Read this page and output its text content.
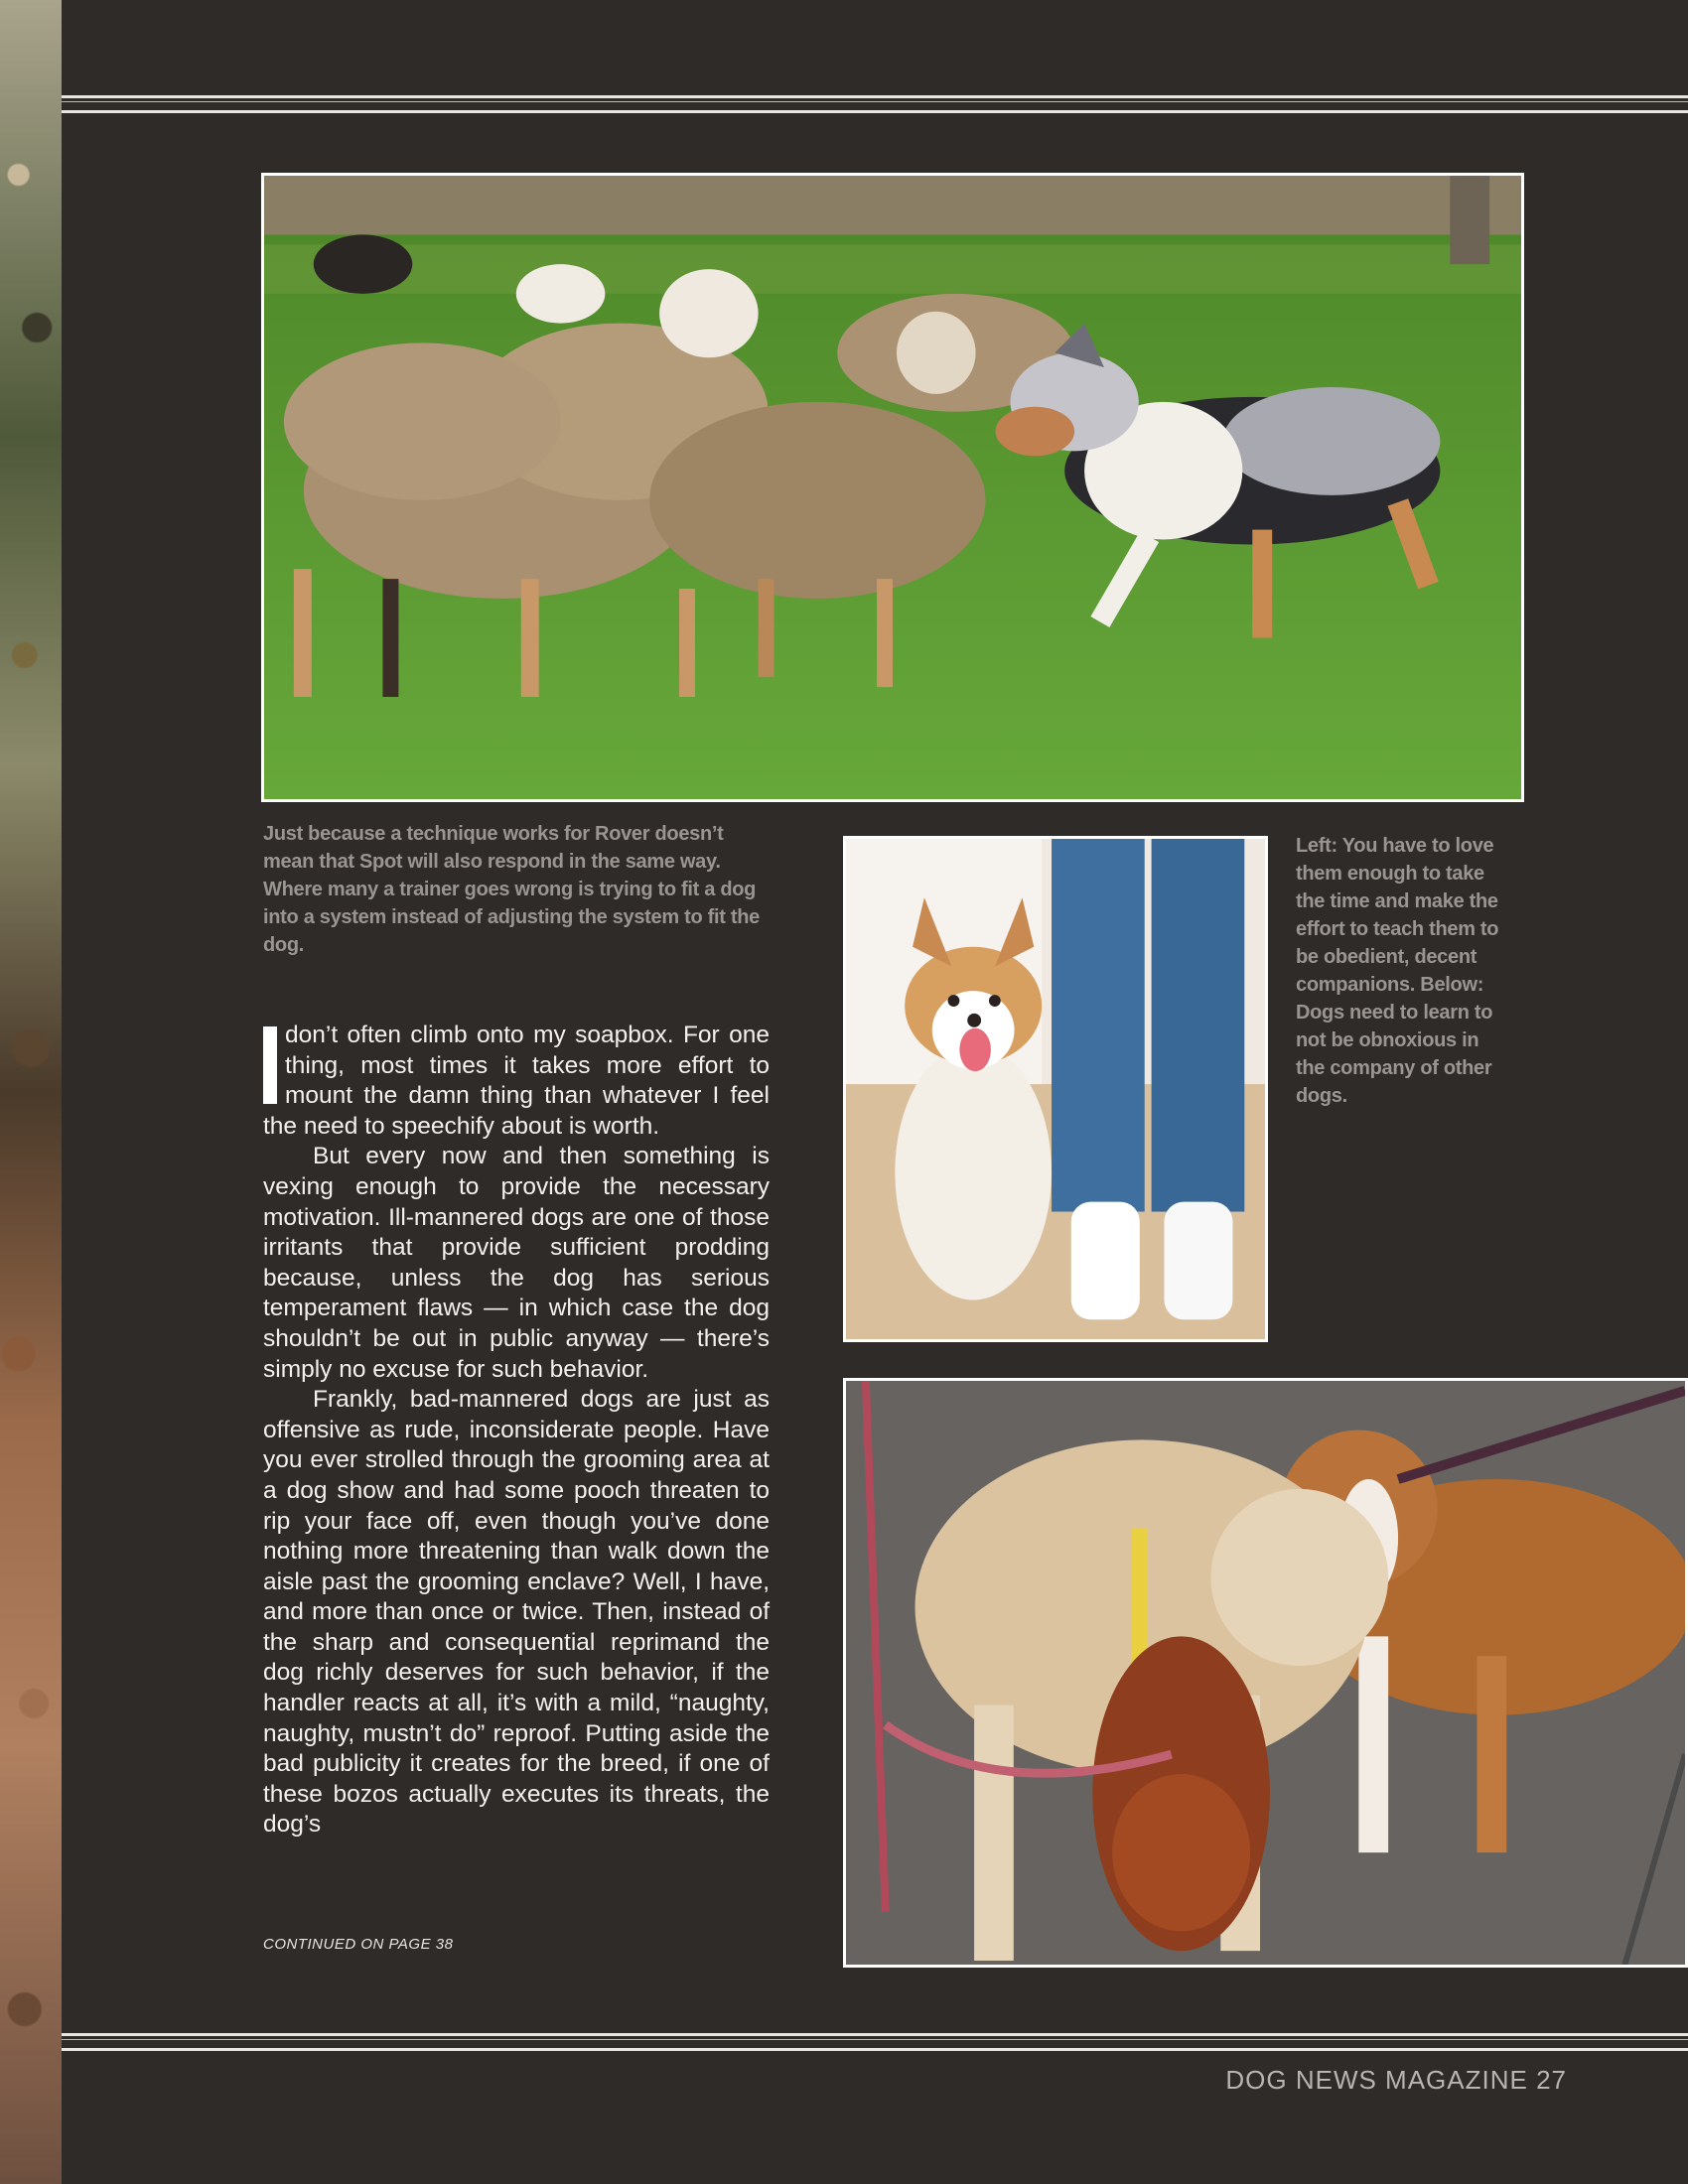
Just because a technique works for Rover doesn’t mean that Spot will also respond in the same way. Where many a trainer goes wrong is trying to fit a dog into a system instead of adjusting the system to fit the dog.

Left: You have to love them enough to take the time and make the effort to teach them to be obedient, decent companions. Below: Dogs need to learn to not be obnoxious in the company of other dogs.

don’t often climb onto my soapbox. For one thing, most times it takes more effort to mount the damn thing than whatever I feel the need to speechify about is worth.

But every now and then something is vexing enough to provide the necessary motivation. Ill-mannered dogs are one of those irritants that provide sufficient prodding because, unless the dog has serious temperament flaws — in which case the dog shouldn’t be out in public anyway — there’s simply no excuse for such behavior.

Frankly, bad-mannered dogs are just as offensive as rude, inconsiderate people. Have you ever strolled through the grooming area at a dog show and had some pooch threaten to rip your face off, even though you’ve done nothing more threatening than walk down the aisle past the grooming enclave? Well, I have, and more than once or twice. Then, instead of the sharp and consequential reprimand the dog richly deserves for such behavior, if the handler reacts at all, it’s with a mild, “naughty, naughty, mustn’t do” reproof. Putting aside the bad publicity it creates for the breed, if one of these bozos actually executes its threats, the dog’s

CONTINUED ON PAGE 38
DOG NEWS MAGAZINE 27
